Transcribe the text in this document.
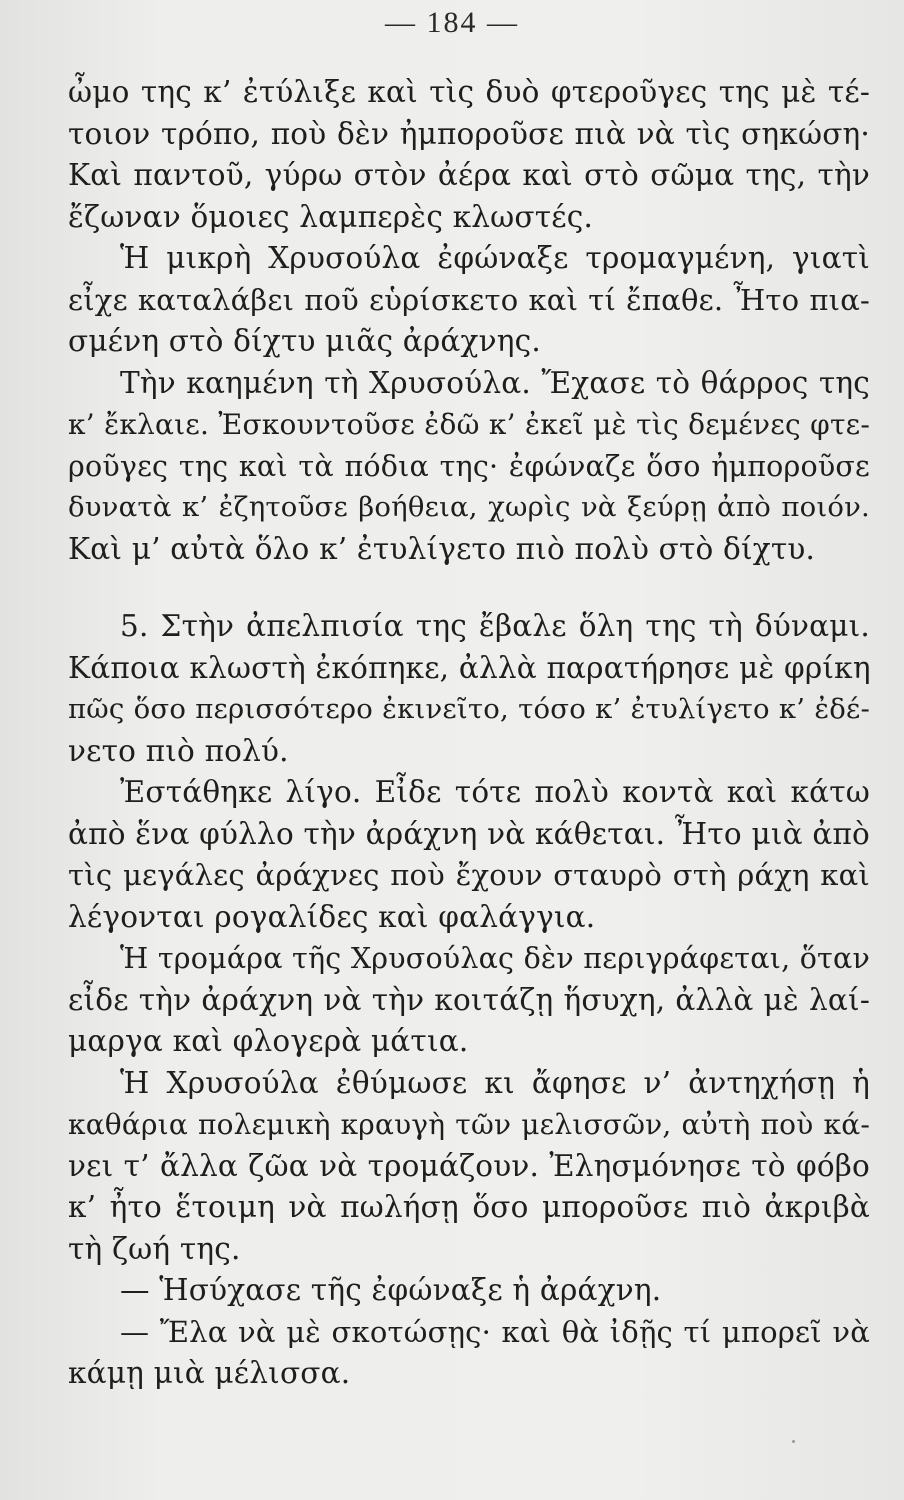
— 184 —
ὦμο της κ’ ἐτύλιξε καὶ τὶς δυὸ φτεροῦγες της μὲ τέ-
τοιον τρόπο, ποὺ δὲν ἠμποροῦσε πιὰ νὰ τὶς σηκώση·
Καὶ παντοῦ, γύρω στὸν ἀέρα καὶ στὸ σῶμα της, τὴν
ἔζωναν ὅμοιες λαμπερὲς κλωστές.
Ἡ μικρὴ Χρυσούλα ἐφώναξε τρομαγμένη, γιατὶ
εἶχε καταλάβει ποῦ εὑρίσκετο καὶ τί ἔπαθε. Ἦτο πια-
σμένη στὸ δίχτυ μιᾶς ἀράχνης.
Τὴν καημένη τὴ Χρυσούλα. Ἔχασε τὸ θάρρος της
κ’ ἔκλαιε. Ἐσκουντοῦσε ἐδῶ κ’ ἐκεῖ μὲ τὶς δεμένες φτε-
ροῦγες της καὶ τὰ πόδια της· ἐφώναζε ὅσο ἠμποροῦσε
δυνατὰ κ’ ἐζητοῦσε βοήθεια, χωρὶς νὰ ξεύρῃ ἀπὸ ποιόν.
Καὶ μ’ αὐτὰ ὅλο κ’ ἐτυλίγετο πιὸ πολὺ στὸ δίχτυ.
5. Στὴν ἀπελπισία της ἔβαλε ὅλη της τὴ δύναμι.
Κάποια κλωστὴ ἐκόπηκε, ἀλλὰ παρατήρησε μὲ φρίκη
πῶς ὅσο περισσότερο ἐκινεῖτο, τόσο κ’ ἐτυλίγετο κ’ ἐδέ-
νετο πιὸ πολύ.
Ἐστάθηκε λίγο. Εἶδε τότε πολὺ κοντὰ καὶ κάτω
ἀπὸ ἕνα φύλλο τὴν ἀράχνη νὰ κάθεται. Ἦτο μιὰ ἀπὸ
τὶς μεγάλες ἀράχνες ποὺ ἔχουν σταυρὸ στὴ ράχη καὶ
λέγονται ρογαλίδες καὶ φαλάγγια.
Ἡ τρομάρα τῆς Χρυσούλας δὲν περιγράφεται, ὅταν
εἶδε τὴν ἀράχνη νὰ τὴν κοιτάζῃ ἥσυχη, ἀλλὰ μὲ λαί-
μαργα καὶ φλογερὰ μάτια.
Ἡ Χρυσούλα ἐθύμωσε κι ἄφησε ν’ ἀντηχήσῃ ἡ
καθάρια πολεμικὴ κραυγὴ τῶν μελισσῶν, αὐτὴ ποὺ κά-
νει τ’ ἄλλα ζῶα νὰ τρομάζουν. Ἐλησμόνησε τὸ φόβο
κ’ ἦτο ἕτοιμη νὰ πωλήσῃ ὅσο μποροῦσε πιὸ ἀκριβὰ
τὴ ζωή της.
— Ἡσύχασε τῆς ἐφώναξε ἡ ἀράχνη.
— Ἔλα νὰ μὲ σκοτώσῃς· καὶ θὰ ἰδῇς τί μπορεῖ νὰ
κάμῃ μιὰ μέλισσα.
